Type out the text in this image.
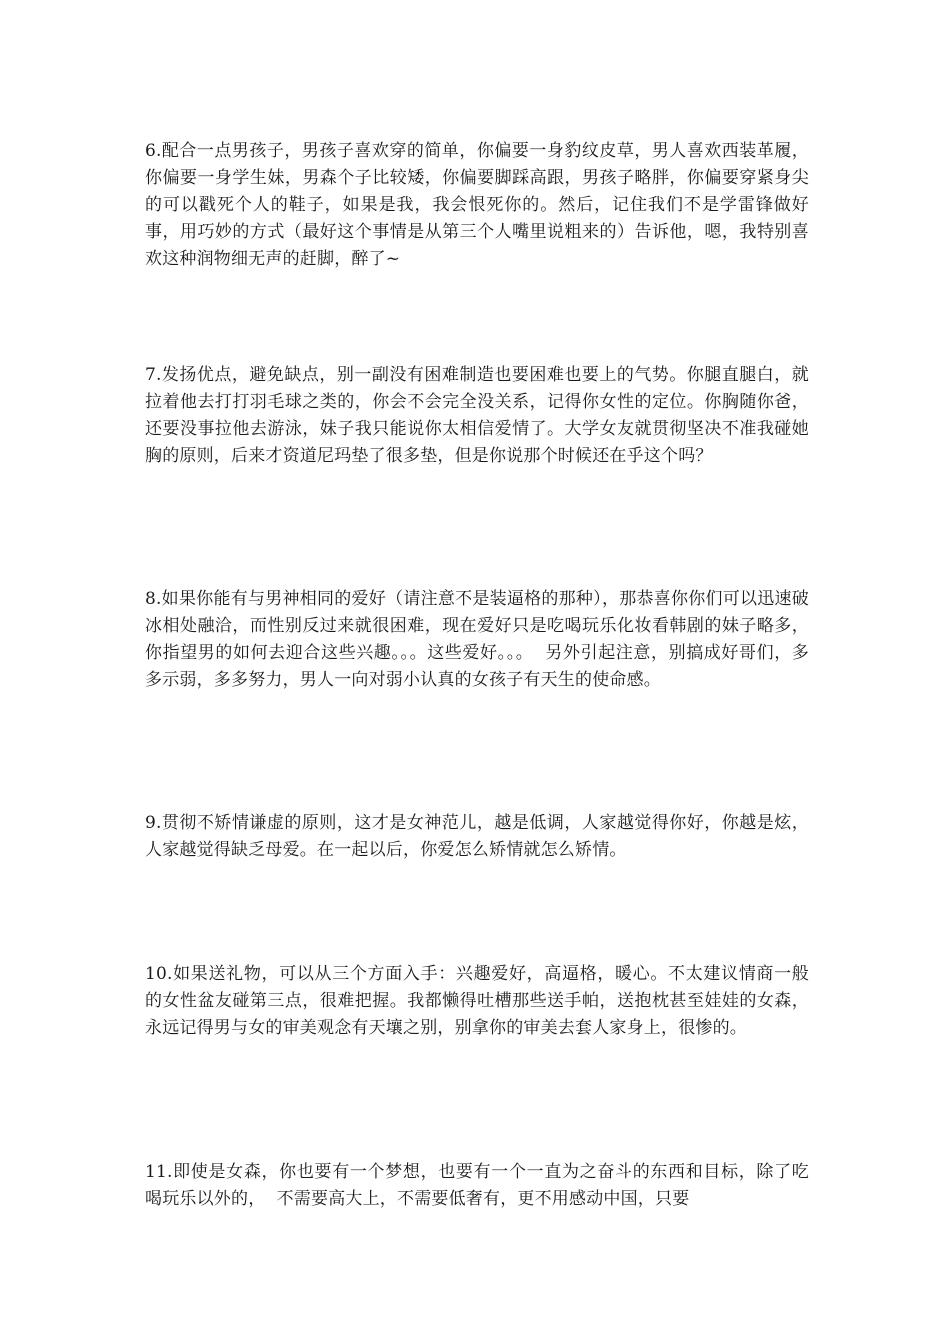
6.配合一点男孩子，男孩子喜欢穿的简单，你偏要一身豹纹皮草，男人喜欢西装革履，你偏要一身学生妹，男森个子比较矮，你偏要脚踩高跟，男孩子略胖，你偏要穿紧身尖的可以戳死个人的鞋子，如果是我，我会恨死你的。然后，记住我们不是学雷锋做好事，用巧妙的方式（最好这个事情是从第三个人嘴里说粗来的）告诉他，嗯，我特别喜欢这种润物细无声的赶脚，醉了~

7.发扬优点，避免缺点，别一副没有困难制造也要困难也要上的气势。你腿直腿白，就拉着他去打打羽毛球之类的，你会不会完全没关系，记得你女性的定位。你胸随你爸，还要没事拉他去游泳，妹子我只能说你太相信爱情了。大学女友就贯彻坚决不准我碰她胸的原则，后来才资道尼玛垫了很多垫，但是你说那个时候还在乎这个吗？

8.如果你能有与男神相同的爱好（请注意不是装逼格的那种），那恭喜你你们可以迅速破冰相处融洽，而性别反过来就很困难，现在爱好只是吃喝玩乐化妆看韩剧的妹子略多，你指望男的如何去迎合这些兴趣。。。这些爱好。。。  另外引起注意，别搞成好哥们，多多示弱，多多努力，男人一向对弱小认真的女孩子有天生的使命感。

9.贯彻不矫情谦虚的原则，这才是女神范儿，越是低调，人家越觉得你好，你越是炫，人家越觉得缺乏母爱。在一起以后，你爱怎么矫情就怎么矫情。

10.如果送礼物，可以从三个方面入手：兴趣爱好，高逼格，暖心。不太建议情商一般的女性盆友碰第三点，很难把握。我都懒得吐槽那些送手帕，送抱枕甚至娃娃的女森，永远记得男与女的审美观念有天壤之别，别拿你的审美去套人家身上，很惨的。

11.即使是女森，你也要有一个梦想，也要有一个一直为之奋斗的东西和目标，除了吃喝玩乐以外的，  不需要高大上，不需要低奢有，更不用感动中国，只要
